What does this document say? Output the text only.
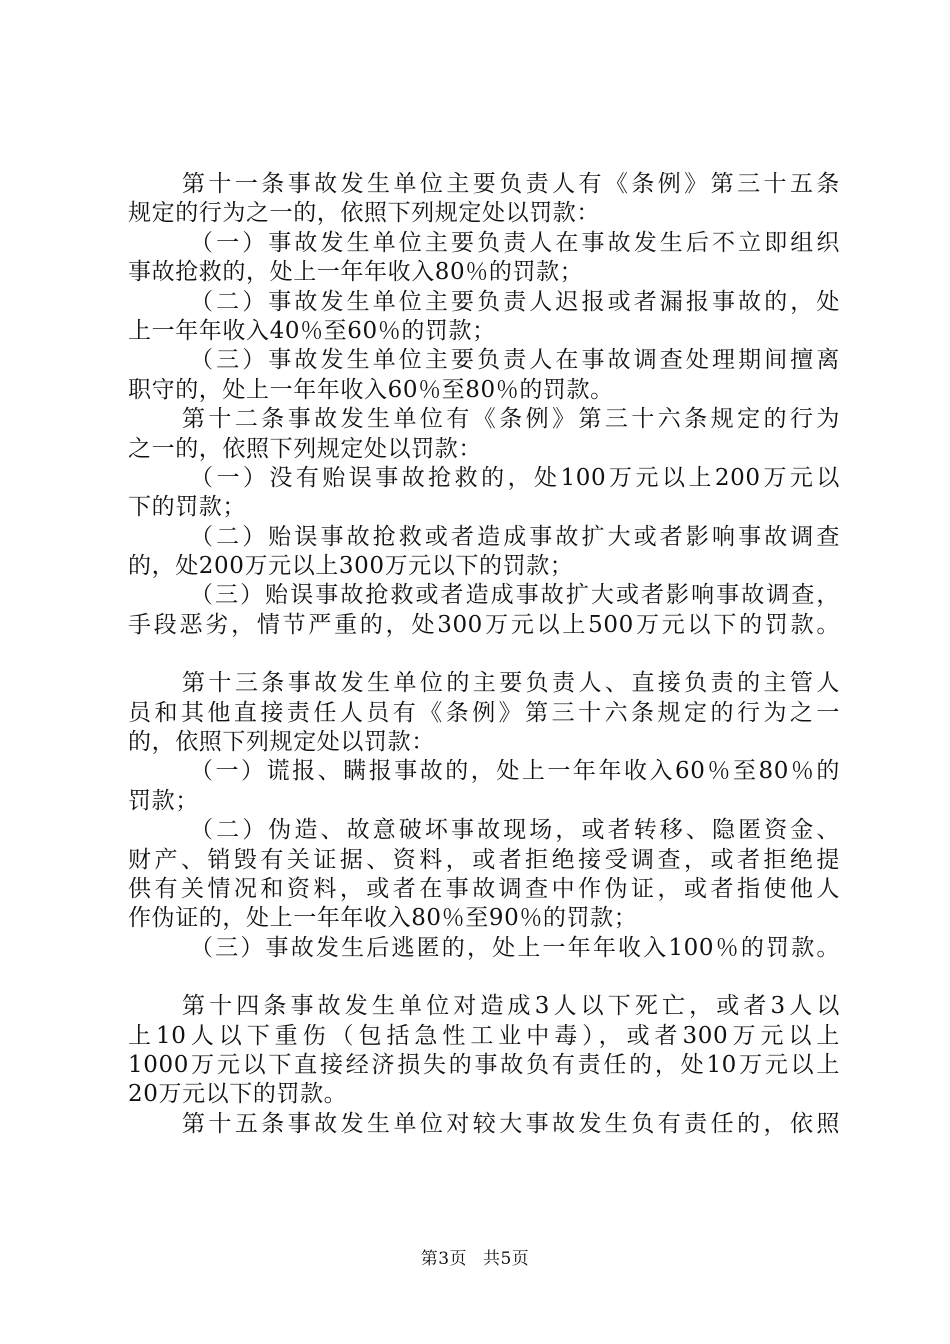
第十一条事故发生单位主要负责人有《条例》第三十五条
规定的行为之一的，依照下列规定处以罚款：
（一）事故发生单位主要负责人在事故发生后不立即组织
事故抢救的，处上一年年收入80％的罚款；
（二）事故发生单位主要负责人迟报或者漏报事故的，处
上一年年收入40％至60％的罚款；
（三）事故发生单位主要负责人在事故调查处理期间擅离
职守的，处上一年年收入60％至80％的罚款。
第十二条事故发生单位有《条例》第三十六条规定的行为
之一的，依照下列规定处以罚款：
（一）没有贻误事故抢救的，处100万元以上200万元以
下的罚款；
（二）贻误事故抢救或者造成事故扩大或者影响事故调查
的，处200万元以上300万元以下的罚款；
（三）贻误事故抢救或者造成事故扩大或者影响事故调查，
手段恶劣，情节严重的，处300万元以上500万元以下的罚款。
第十三条事故发生单位的主要负责人、直接负责的主管人
员和其他直接责任人员有《条例》第三十六条规定的行为之一
的，依照下列规定处以罚款：
（一）谎报、瞒报事故的，处上一年年收入60％至80％的
罚款；
（二）伪造、故意破坏事故现场，或者转移、隐匿资金、
财产、销毁有关证据、资料，或者拒绝接受调查，或者拒绝提
供有关情况和资料，或者在事故调查中作伪证，或者指使他人
作伪证的，处上一年年收入80％至90％的罚款；
（三）事故发生后逃匿的，处上一年年收入100％的罚款。
第十四条事故发生单位对造成3人以下死亡，或者3人以
上10人以下重伤（包括急性工业中毒），或者300万元以上
1000万元以下直接经济损失的事故负有责任的，处10万元以上
20万元以下的罚款。
第十五条事故发生单位对较大事故发生负有责任的，依照
第3页 共5页
